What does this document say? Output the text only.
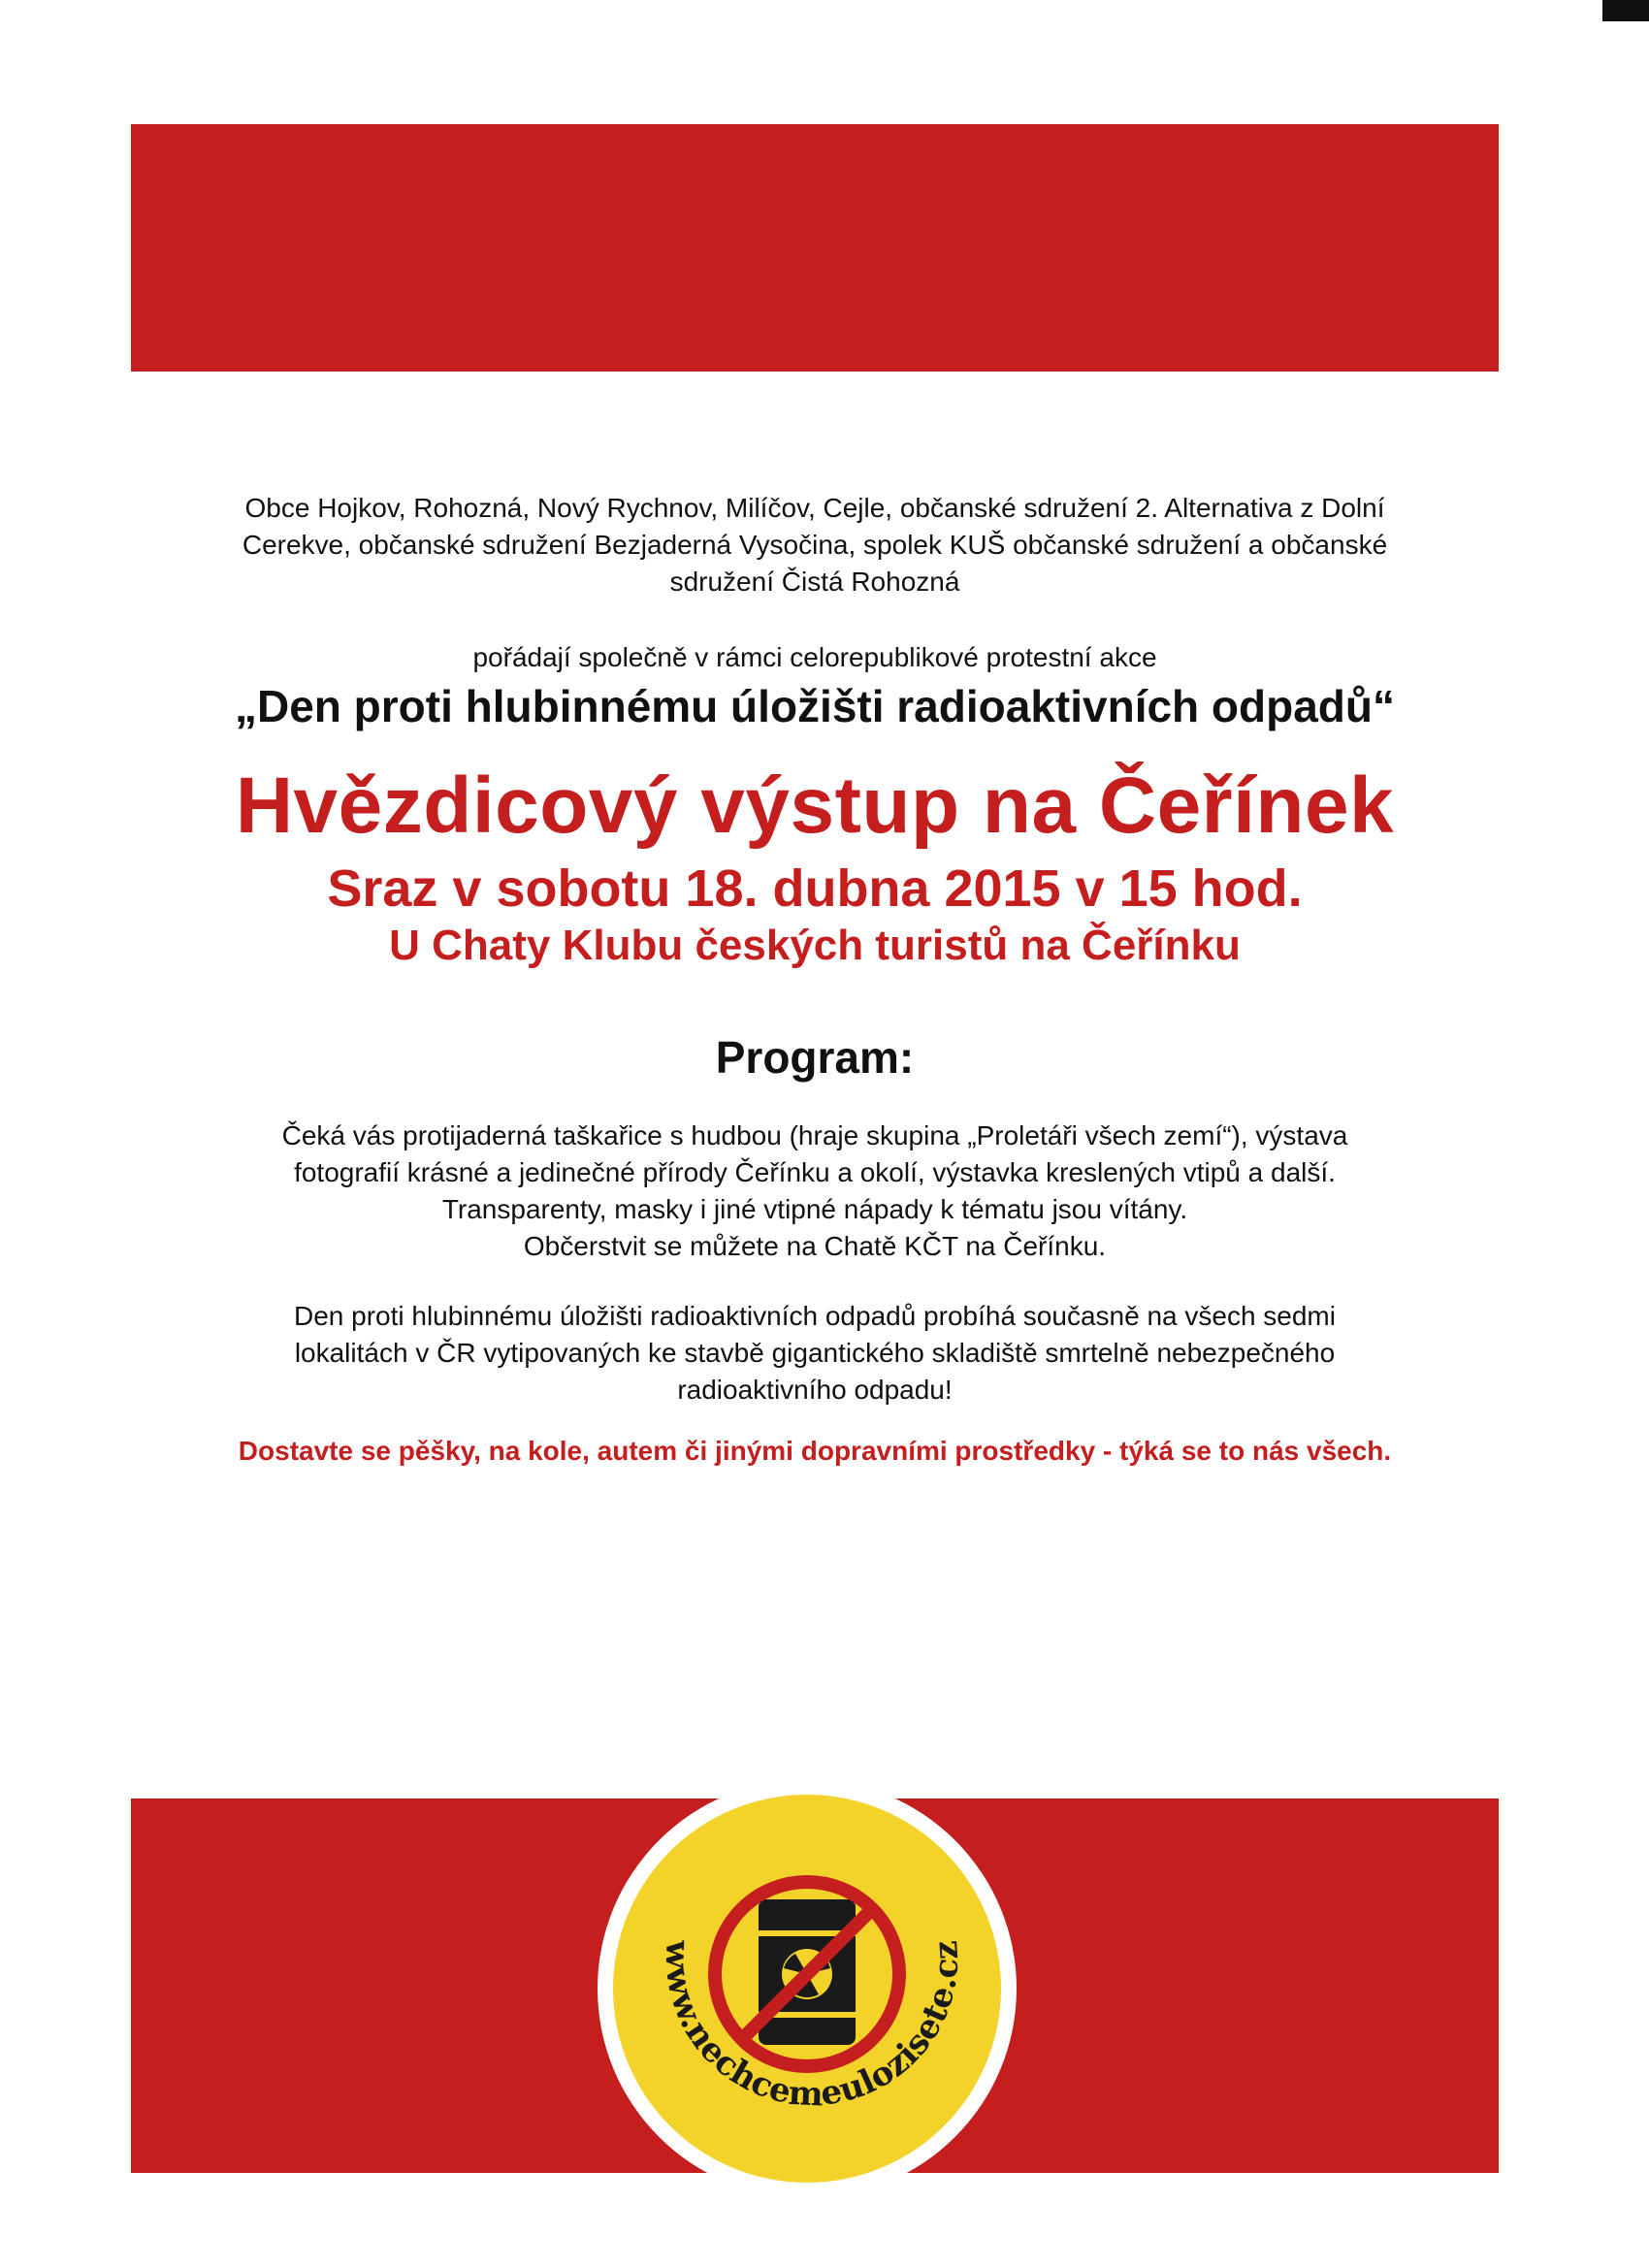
Obce Hojkov, Rohozná, Nový Rychnov, Milíčov, Cejle, občanské sdružení 2. Alternativa z Dolní
Cerekve, občanské sdružení Bezjaderná Vysočina, spolek KUŠ občanské sdružení a občanské
sdružení Čistá Rohozná
pořádají společně v rámci celorepublikové protestní akce
„Den proti hlubinnému úložišti radioaktivních odpadů“
Hvězdicový výstup na Čeřínek
Sraz v sobotu 18. dubna 2015 v 15 hod.
U Chaty Klubu českých turistů na Čeřínku
Program:
Čeká vás protijaderná taškařice s hudbou (hraje skupina „Proletáři všech zemí“), výstava
fotografií krásné a jedinečné přírody Čeřínku a okolí, výstavka kreslených vtipů a další.
Transparenty, masky i jiné vtipné nápady k tématu jsou vítány.
Občerstvit se můžete na Chatě KČT na Čeřínku.
Den proti hlubinnému úložišti radioaktivních odpadů probíhá současně na všech sedmi
lokalitách v ČR vytipovaných ke stavbě gigantického skladiště smrtelně nebezpečného
radioaktivního odpadu!
Dostavte se pěšky, na kole, autem či jinými dopravními prostředky - týká se to nás všech.
www.nechcemeulozisete.cz
